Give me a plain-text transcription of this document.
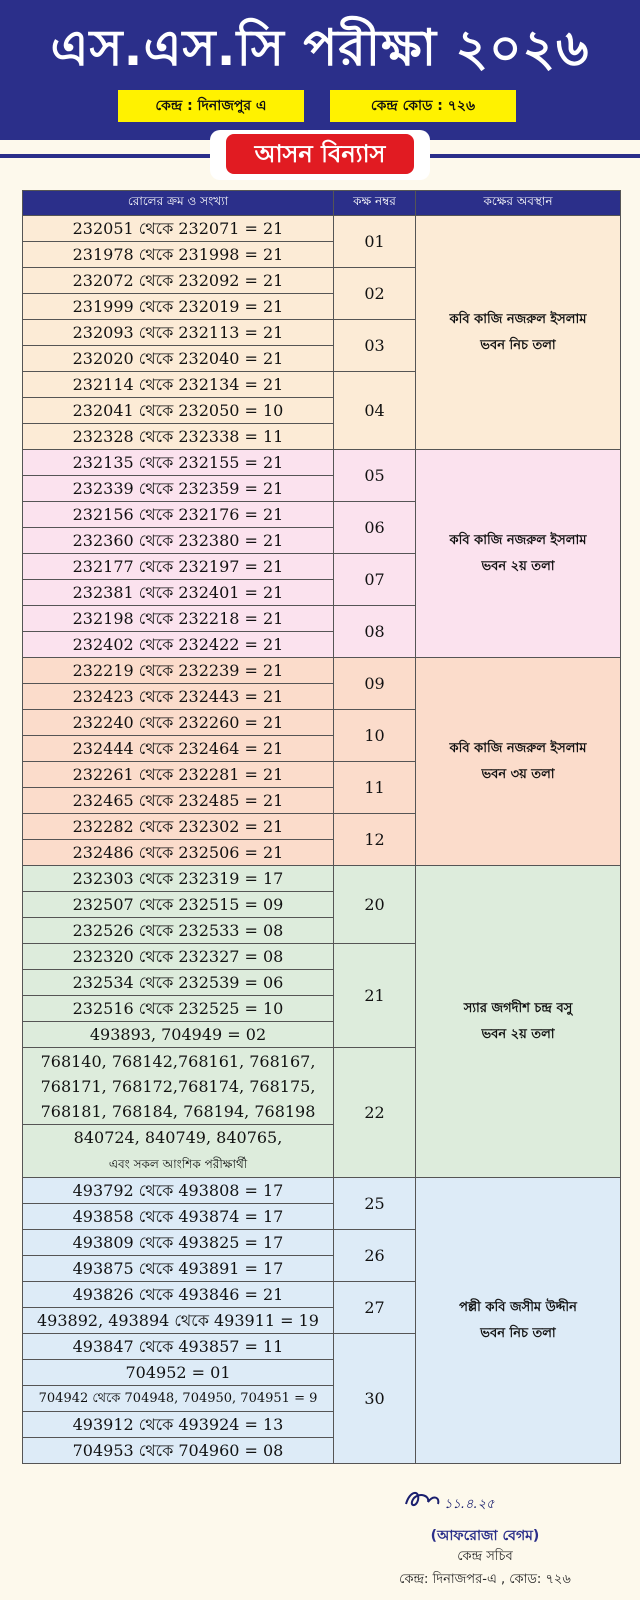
এস.এস.সি পরীক্ষা ২০২৬
কেন্দ্র : দিনাজপুর এ	কেন্দ্র কোড : ৭২৬
আসন বিন্যাস
রোলের ক্রম ও সংখ্যা	কক্ষ নম্বর	কক্ষের অবস্থান
232051 থেকে 232071 = 21	01	কবি কাজি নজরুল ইসলাম
ভবন নিচ তলা
231978 থেকে 231998 = 21		
232072 থেকে 232092 = 21	02	
231999 থেকে 232019 = 21		
232093 থেকে 232113 = 21	03	
232020 থেকে 232040 = 21		
232114 থেকে 232134 = 21	04	
232041 থেকে 232050 = 10		
232328 থেকে 232338 = 11		
232135 থেকে 232155 = 21	05	কবি কাজি নজরুল ইসলাম
ভবন ২য় তলা
232339 থেকে 232359 = 21		
232156 থেকে 232176 = 21	06	
232360 থেকে 232380 = 21		
232177 থেকে 232197 = 21	07	
232381 থেকে 232401 = 21		
232198 থেকে 232218 = 21	08	
232402 থেকে 232422 = 21		
232219 থেকে 232239 = 21	09	কবি কাজি নজরুল ইসলাম
ভবন ৩য় তলা
232423 থেকে 232443 = 21		
232240 থেকে 232260 = 21	10	
232444 থেকে 232464 = 21		
232261 থেকে 232281 = 21	11	
232465 থেকে 232485 = 21		
232282 থেকে 232302 = 21	12	
232486 থেকে 232506 = 21		
232303 থেকে 232319 = 17	20	স্যার জগদীশ চন্দ্র বসু
ভবন ২য় তলা
232507 থেকে 232515 = 09		
232526 থেকে 232533 = 08		
232320 থেকে 232327 = 08	21	
232534 থেকে 232539 = 06		
232516 থেকে 232525 = 10		
493893, 704949 = 02		
768140, 768142,768161, 768167,
768171, 768172,768174, 768175,
768181, 768184, 768194, 768198	22	
840724, 840749, 840765,
এবং সকল আংশিক পরীক্ষার্থী		
493792 থেকে 493808 = 17	25	পল্লী কবি জসীম উদ্দীন
ভবন নিচ তলা
493858 থেকে 493874 = 17		
493809 থেকে 493825 = 17	26	
493875 থেকে 493891 = 17		
493826 থেকে 493846 = 21	27	
493892, 493894 থেকে 493911 = 19		
493847 থেকে 493857 = 11	30	
704952 = 01		
704942 থেকে 704948, 704950, 704951 = 9		
493912 থেকে 493924 = 13		
704953 থেকে 704960 = 08		
১১.৪.২৫
(আফরোজা বেগম)
কেন্দ্র সচিব
কেন্দ্র: দিনাজপর-এ , কোড: ৭২৬
